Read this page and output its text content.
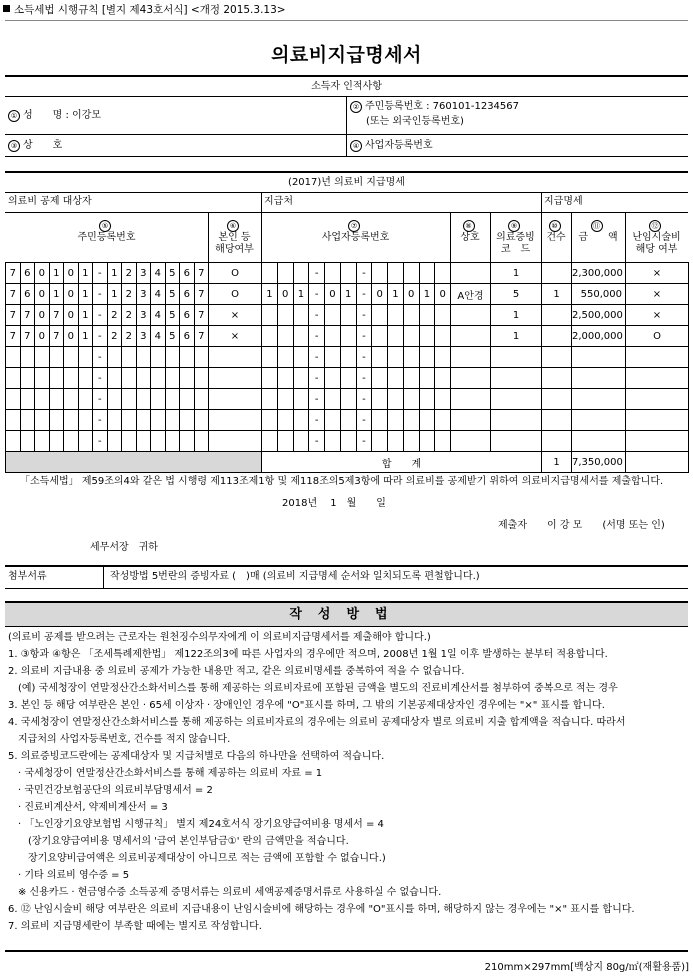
소득세법 시행규칙 [별지 제43호서식] <개정 2015.3.13>
의료비지급명세서
소득자 인적사항
① 성　　명 : 이강모
② 주민등록번호 : 760101-1234567
(또는 외국인등록번호)
③ 상　　호	④ 사업자등록번호
(2017)년 의료비 지급명세
의료비 공제 대상자	지급처	지급명세
⑤
주민등록번호
⑥
본인 등
해당여부
⑦
사업자등록번호
⑧
상호
⑨
의료증빙
코　드
⑩
건수
⑪
금　　액
⑫
난임시술비
해당 여부
7	6	0	1	0	1	-	1	2	3	4	5	6	7	O				-			-							1		2,300,000	×
7	6	0	1	0	1	-	1	2	3	4	5	6	7	O	1	0	1	-	0	1	-	0	1	0	1	0	A안경	5	1	550,000	×
7	7	0	7	0	1	-	2	2	3	4	5	6	7	×				-			-							1		2,500,000	×
7	7	0	7	0	1	-	2	2	3	4	5	6	7	×				-			-							1		2,000,000	O
						-												-			-										
						-												-			-										
						-												-			-										
						-												-			-										
						-												-			-										
															합　　계														1	7,350,000	
「소득세법」 제59조의4와 같은 법 시행령 제113조제1항 및 제118조의5제3항에 따라 의료비를 공제받기 위하여 의료비지급명세서를 제출합니다.
2018년　 1　월　　일
제출자　　이 강 모　　(서명 또는 인)
세무서장　귀하
첨부서류	작성방법 5번란의 증빙자료 (　)매 (의료비 지급명세 순서와 일치되도록 편철합니다.)
작성방법
(의료비 공제를 받으려는 근로자는 원천징수의무자에게 이 의료비지급명세서를 제출해야 합니다.)
1. ③항과 ④항은 「조세특례제한법」 제122조의3에 따른 사업자의 경우에만 적으며, 2008년 1월 1일 이후 발생하는 분부터 적용합니다.
2. 의료비 지급내용 중 의료비 공제가 가능한 내용만 적고, 같은 의료비명세를 중복하여 적을 수 없습니다.
　(예) 국세청장이 연말정산간소화서비스를 통해 제공하는 의료비자료에 포함된 금액을 별도의 진료비계산서를 첨부하여 중복으로 적는 경우
3. 본인 등 해당 여부란은 본인 · 65세 이상자 · 장애인인 경우에 "O"표시를 하며, 그 밖의 기본공제대상자인 경우에는 "×" 표시를 합니다.
4. 국세청장이 연말정산간소화서비스를 통해 제공하는 의료비자료의 경우에는 의료비 공제대상자 별로 의료비 지출 합계액을 적습니다. 따라서
　지급처의 사업자등록번호, 건수를 적지 않습니다.
5. 의료증빙코드란에는 공제대상자 및 지급처별로 다음의 하나만을 선택하여 적습니다.
　· 국세청장이 연말정산간소화서비스를 통해 제공하는 의료비 자료 = 1
　· 국민건강보험공단의 의료비부담명세서 = 2
　· 진료비계산서, 약제비계산서 = 3
　· 「노인장기요양보험법 시행규칙」 별지 제24호서식 장기요양급여비용 명세서 = 4
　　(장기요양급여비용 명세서의 '급여 본인부담금①' 란의 금액만을 적습니다.
　　장기요양비급여액은 의료비공제대상이 아니므로 적는 금액에 포함할 수 없습니다.)
　· 기타 의료비 영수증 = 5
　※ 신용카드 · 현금영수증 소득공제 증명서류는 의료비 세액공제증명서류로 사용하실 수 없습니다.
6. ⑫ 난임시술비 해당 여부란은 의료비 지급내용이 난임시술비에 해당하는 경우에 "O"표시를 하며, 해당하지 않는 경우에는 "×" 표시를 합니다.
7. 의료비 지급명세란이 부족할 때에는 별지로 작성합니다.
210mm×297mm[백상지 80g/㎡(재활용품)]
